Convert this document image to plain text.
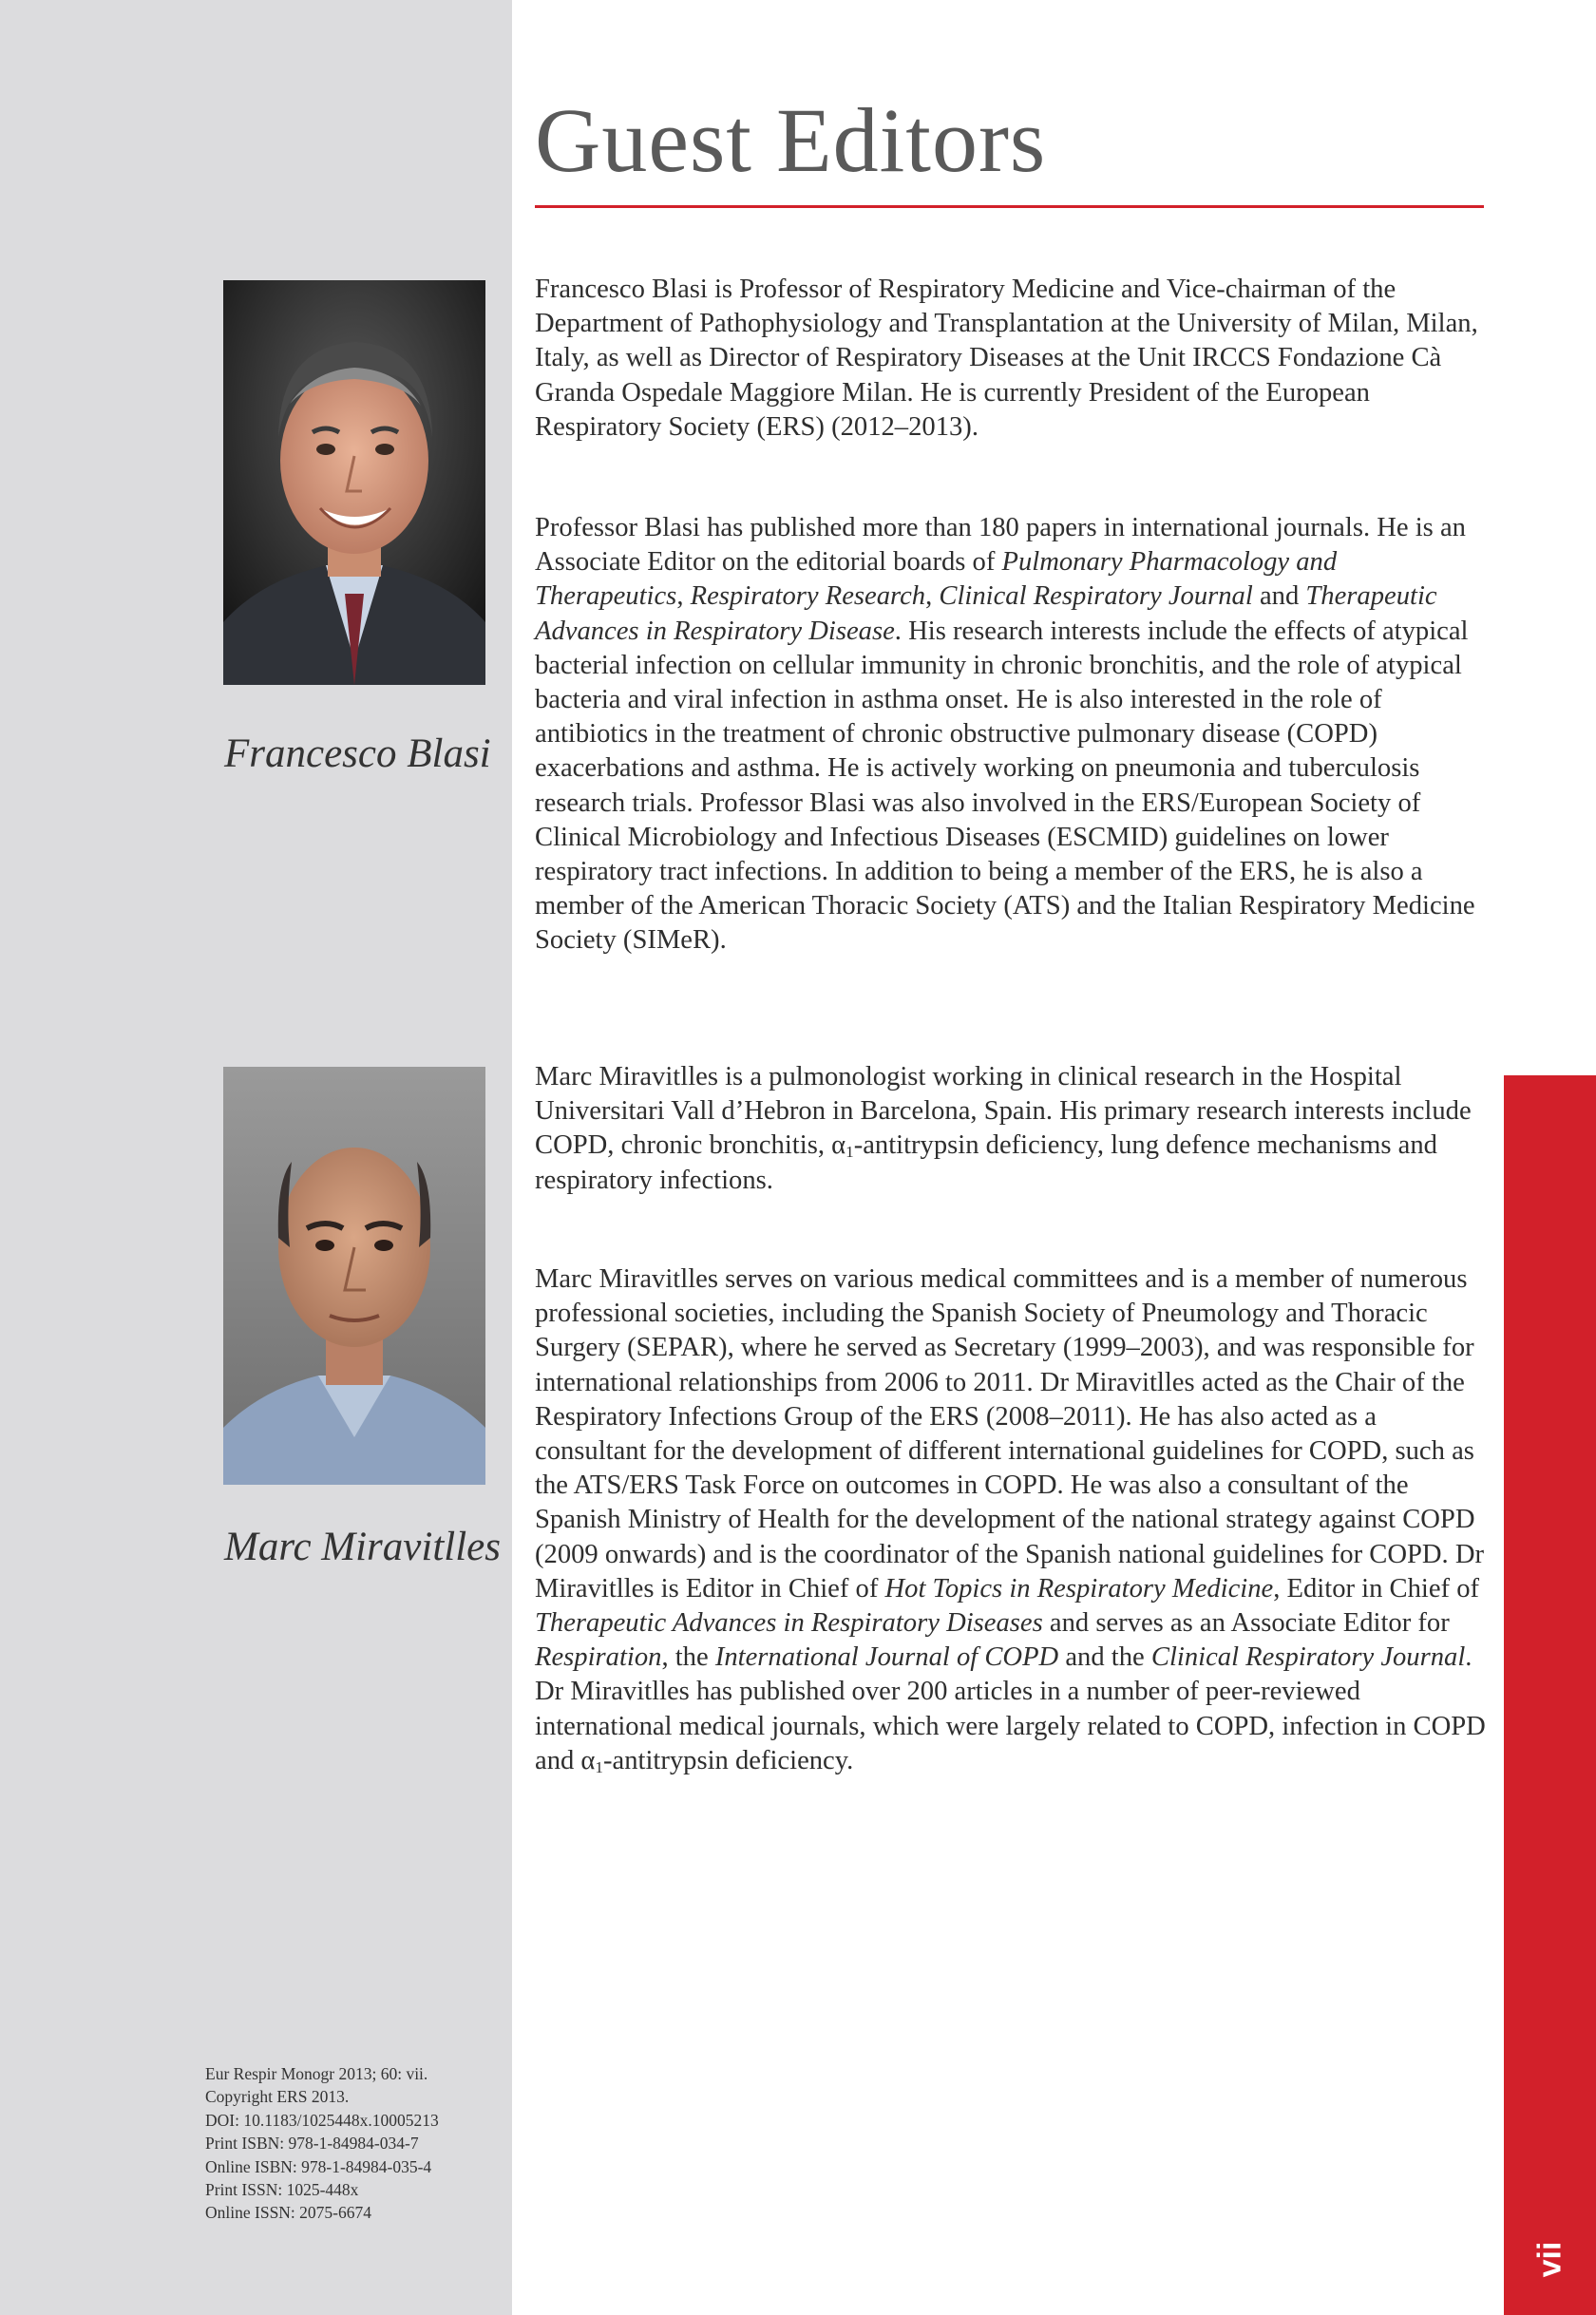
vii
Guest Editors
Francesco Blasi

Francesco Blasi is Professor of Respiratory Medicine and Vice-chairman of the Department of Pathophysiology and Transplantation at the University of Milan, Milan, Italy, as well as Director of Respiratory Diseases at the Unit IRCCS Fondazione Cà Granda Ospedale Maggiore Milan. He is currently President of the European Respiratory Society (ERS) (2012–2013).

Professor Blasi has published more than 180 papers in international journals. He is an Associate Editor on the editorial boards of Pulmonary Pharmacology and Therapeutics, Respiratory Research, Clinical Respiratory Journal and Therapeutic Advances in Respiratory Disease. His research interests include the effects of atypical bacterial infection on cellular immunity in chronic bronchitis, and the role of atypical bacteria and viral infection in asthma onset. He is also interested in the role of antibiotics in the treatment of chronic obstructive pulmonary disease (COPD) exacerbations and asthma. He is actively working on pneumonia and tuberculosis research trials. Professor Blasi was also involved in the ERS/European Society of Clinical Microbiology and Infectious Diseases (ESCMID) guidelines on lower respiratory tract infections. In addition to being a member of the ERS, he is also a member of the American Thoracic Society (ATS) and the Italian Respiratory Medicine Society (SIMeR).

Marc Miravitlles

Marc Miravitlles is a pulmonologist working in clinical research in the Hospital Universitari Vall d’Hebron in Barcelona, Spain. His primary research interests include COPD, chronic bronchitis, $\alpha_1$-antitrypsin deficiency, lung defence mechanisms and respiratory infections.

Marc Miravitlles serves on various medical committees and is a member of numerous professional societies, including the Spanish Society of Pneumology and Thoracic Surgery (SEPAR), where he served as Secretary (1999–2003), and was responsible for international relationships from 2006 to 2011. Dr Miravitlles acted as the Chair of the Respiratory Infections Group of the ERS (2008–2011). He has also acted as a consultant for the development of different international guidelines for COPD, such as the ATS/ERS Task Force on outcomes in COPD. He was also a consultant of the Spanish Ministry of Health for the development of the national strategy against COPD (2009 onwards) and is the coordinator of the Spanish national guidelines for COPD. Dr Miravitlles is Editor in Chief of Hot Topics in Respiratory Medicine, Editor in Chief of Therapeutic Advances in Respiratory Diseases and serves as an Associate Editor for Respiration, the International Journal of COPD and the Clinical Respiratory Journal. Dr Miravitlles has published over 200 articles in a number of peer-reviewed international medical journals, which were largely related to COPD, infection in COPD and $\alpha_1$-antitrypsin deficiency.

Eur Respir Monogr 2013; 60: vii.
Copyright ERS 2013.
DOI: 10.1183/1025448x.10005213
Print ISBN: 978-1-84984-034-7
Online ISBN: 978-1-84984-035-4
Print ISSN: 1025-448x
Online ISSN: 2075-6674
